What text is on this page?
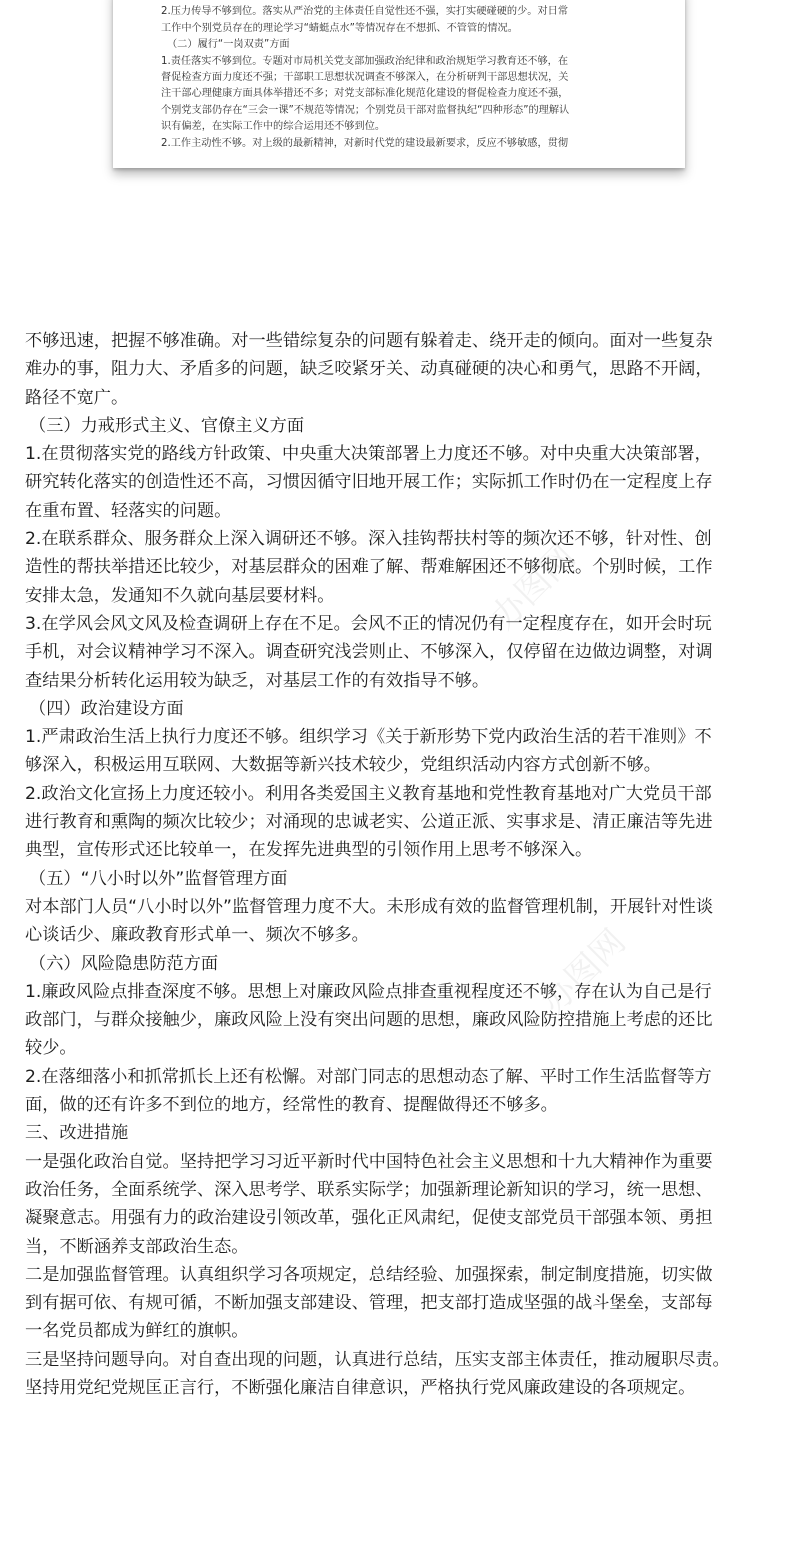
2.压力传导不够到位。落实从严治党的主体责任自觉性还不强，实打实硬碰硬的少。对日常
工作中个别党员存在的理论学习“蜻蜓点水”等情况存在不想抓、不管管的情况。
（二）履行“一岗双责”方面
1.责任落实不够到位。专题对市局机关党支部加强政治纪律和政治规矩学习教育还不够，在
督促检查方面力度还不强；干部职工思想状况调查不够深入，在分析研判干部思想状况，关
注干部心理健康方面具体举措还不多；对党支部标准化规范化建设的督促检查力度还不强，
个别党支部仍存在“三会一课”不规范等情况；个别党员干部对监督执纪“四种形态”的理解认
识有偏差，在实际工作中的综合运用还不够到位。
2.工作主动性不够。对上级的最新精神，对新时代党的建设最新要求，反应不够敏感，贯彻
办图网
办图网
不够迅速，把握不够准确。对一些错综复杂的问题有躲着走、绕开走的倾向。面对一些复杂
难办的事，阻力大、矛盾多的问题，缺乏咬紧牙关、动真碰硬的决心和勇气，思路不开阔，
路径不宽广。
（三）力戒形式主义、官僚主义方面
1.在贯彻落实党的路线方针政策、中央重大决策部署上力度还不够。对中央重大决策部署，
研究转化落实的创造性还不高，习惯因循守旧地开展工作；实际抓工作时仍在一定程度上存
在重布置、轻落实的问题。
2.在联系群众、服务群众上深入调研还不够。深入挂钩帮扶村等的频次还不够，针对性、创
造性的帮扶举措还比较少，对基层群众的困难了解、帮难解困还不够彻底。个别时候，工作
安排太急，发通知不久就向基层要材料。
3.在学风会风文风及检查调研上存在不足。会风不正的情况仍有一定程度存在，如开会时玩
手机，对会议精神学习不深入。调查研究浅尝则止、不够深入，仅停留在边做边调整，对调
查结果分析转化运用较为缺乏，对基层工作的有效指导不够。
（四）政治建设方面
1.严肃政治生活上执行力度还不够。组织学习《关于新形势下党内政治生活的若干准则》不
够深入，积极运用互联网、大数据等新兴技术较少，党组织活动内容方式创新不够。
2.政治文化宣扬上力度还较小。利用各类爱国主义教育基地和党性教育基地对广大党员干部
进行教育和熏陶的频次比较少；对涌现的忠诚老实、公道正派、实事求是、清正廉洁等先进
典型，宣传形式还比较单一，在发挥先进典型的引领作用上思考不够深入。
（五）“八小时以外”监督管理方面
对本部门人员“八小时以外”监督管理力度不大。未形成有效的监督管理机制，开展针对性谈
心谈话少、廉政教育形式单一、频次不够多。
（六）风险隐患防范方面
1.廉政风险点排查深度不够。思想上对廉政风险点排查重视程度还不够，存在认为自己是行
政部门，与群众接触少，廉政风险上没有突出问题的思想，廉政风险防控措施上考虑的还比
较少。
2.在落细落小和抓常抓长上还有松懈。对部门同志的思想动态了解、平时工作生活监督等方
面，做的还有许多不到位的地方，经常性的教育、提醒做得还不够多。
三、改进措施
一是强化政治自觉。坚持把学习习近平新时代中国特色社会主义思想和十九大精神作为重要
政治任务，全面系统学、深入思考学、联系实际学；加强新理论新知识的学习，统一思想、
凝聚意志。用强有力的政治建设引领改革，强化正风肃纪，促使支部党员干部强本领、勇担
当，不断涵养支部政治生态。
二是加强监督管理。认真组织学习各项规定，总结经验、加强探索，制定制度措施，切实做
到有据可依、有规可循，不断加强支部建设、管理，把支部打造成坚强的战斗堡垒，支部每
一名党员都成为鲜红的旗帜。
三是坚持问题导向。对自查出现的问题，认真进行总结，压实支部主体责任，推动履职尽责。
坚持用党纪党规匡正言行，不断强化廉洁自律意识，严格执行党风廉政建设的各项规定。
